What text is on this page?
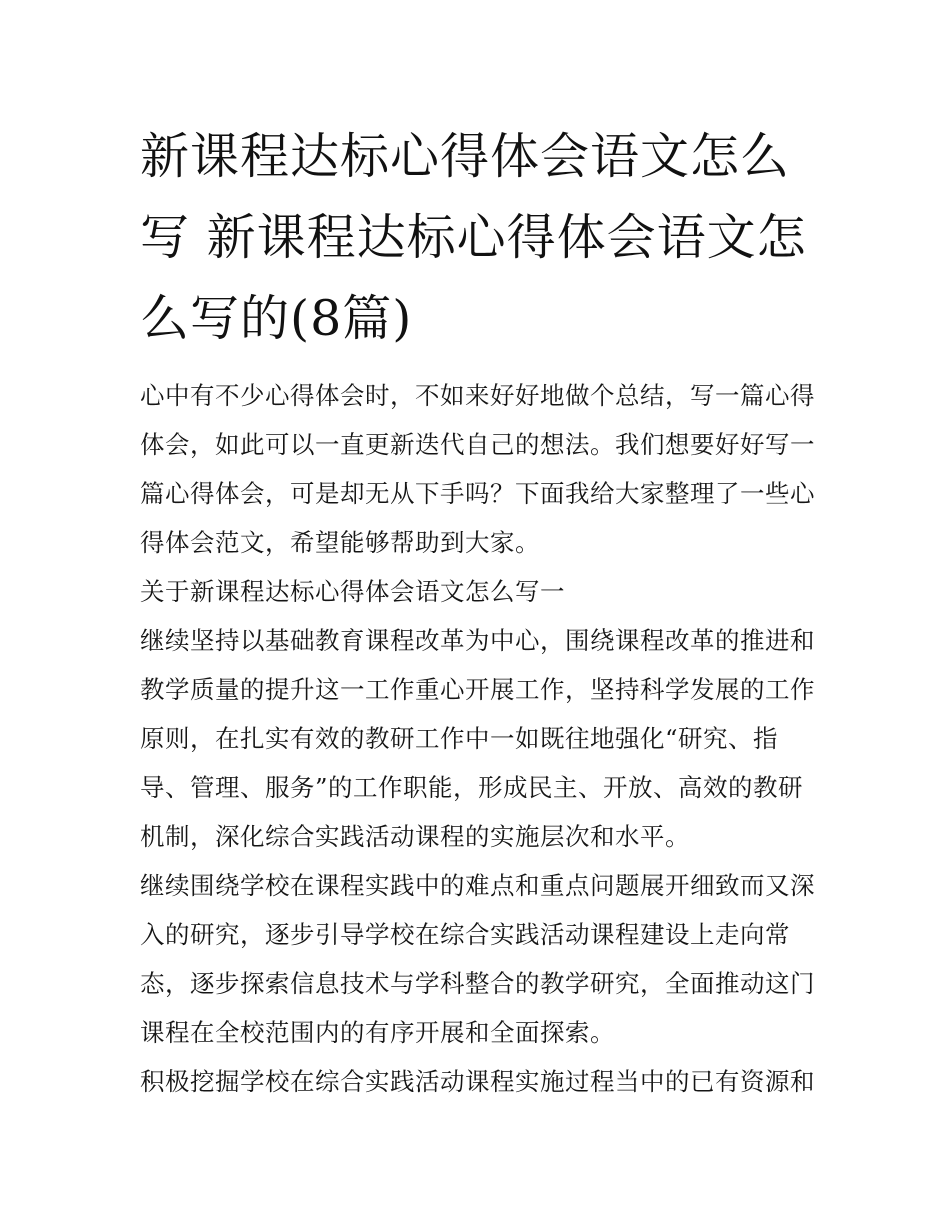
新课程达标心得体会语文怎么写 新课程达标心得体会语文怎么写的(8篇)

心中有不少心得体会时，不如来好好地做个总结，写一篇心得体会，如此可以一直更新迭代自己的想法。我们想要好好写一篇心得体会，可是却无从下手吗？下面我给大家整理了一些心得体会范文，希望能够帮助到大家。

关于新课程达标心得体会语文怎么写一

继续坚持以基础教育课程改革为中心，围绕课程改革的推进和教学质量的提升这一工作重心开展工作，坚持科学发展的工作原则，在扎实有效的教研工作中一如既往地强化“研究、指导、管理、服务”的工作职能，形成民主、开放、高效的教研机制，深化综合实践活动课程的实施层次和水平。

继续围绕学校在课程实践中的难点和重点问题展开细致而又深入的研究，逐步引导学校在综合实践活动课程建设上走向常态，逐步探索信息技术与学科整合的教学研究，全面推动这门课程在全校范围内的有序开展和全面探索。

积极挖掘学校在综合实践活动课程实施过程当中的已有资源和
